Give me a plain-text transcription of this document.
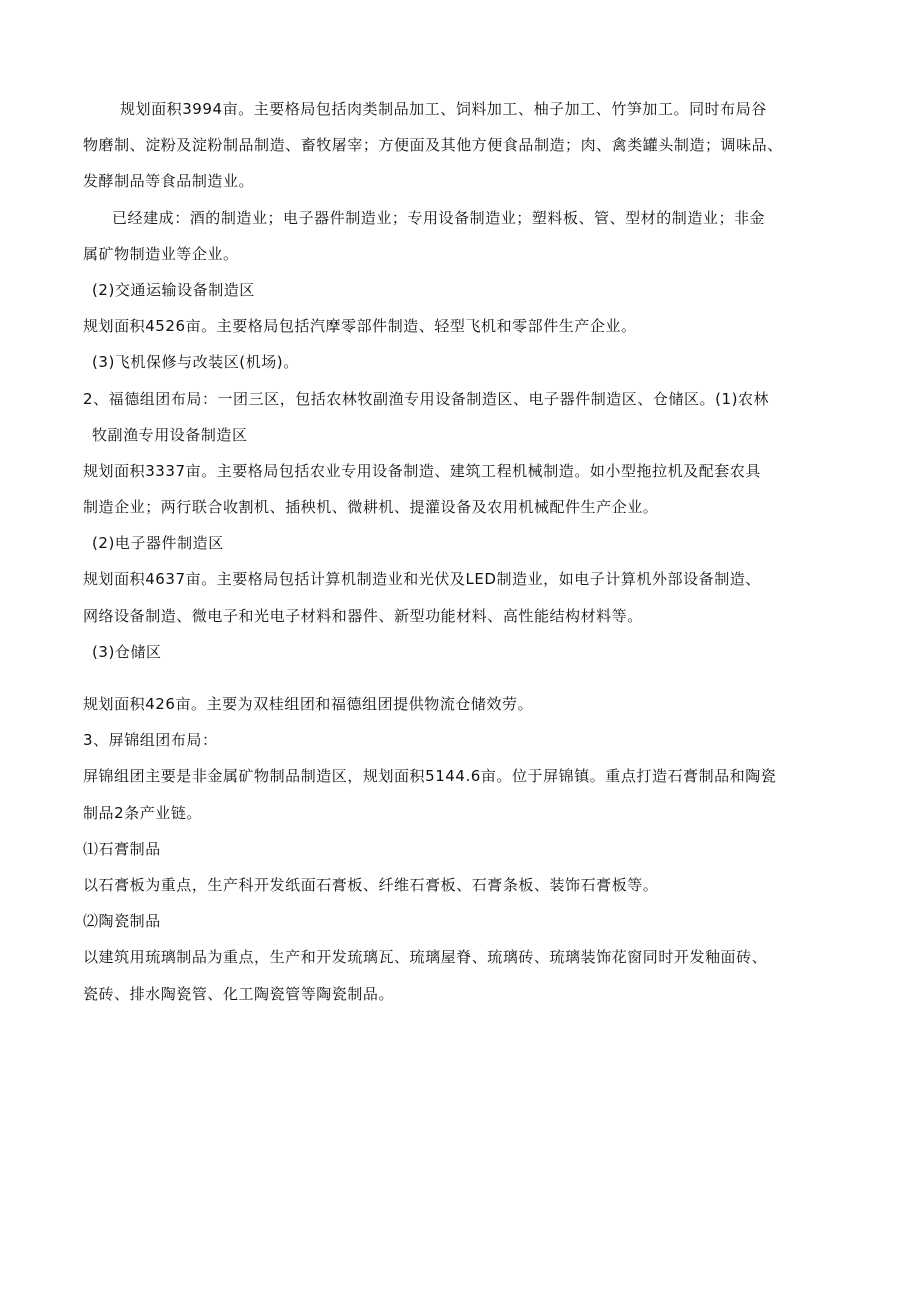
规划面积3994亩。主要格局包括肉类制品加工、饲料加工、柚子加工、竹笋加工。同时布局谷
物磨制、淀粉及淀粉制品制造、畜牧屠宰；方便面及其他方便食品制造；肉、禽类罐头制造；调味品、
发酵制品等食品制造业。
已经建成：酒的制造业；电子器件制造业；专用设备制造业；塑料板、管、型材的制造业；非金
属矿物制造业等企业。
(2)交通运输设备制造区
规划面积4526亩。主要格局包括汽摩零部件制造、轻型飞机和零部件生产企业。
(3)飞机保修与改装区(机场)。
2、福德组团布局：一团三区，包括农林牧副渔专用设备制造区、电子器件制造区、仓储区。(1)农林
牧副渔专用设备制造区
规划面积3337亩。主要格局包括农业专用设备制造、建筑工程机械制造。如小型拖拉机及配套农具
制造企业；两行联合收割机、插秧机、微耕机、提灌设备及农用机械配件生产企业。
(2)电子器件制造区
规划面积4637亩。主要格局包括计算机制造业和光伏及LED制造业，如电子计算机外部设备制造、
网络设备制造、微电子和光电子材料和器件、新型功能材料、高性能结构材料等。
(3)仓储区
规划面积426亩。主要为双桂组团和福德组团提供物流仓储效劳。
3、屏锦组团布局：
屏锦组团主要是非金属矿物制品制造区，规划面积5144.6亩。位于屏锦镇。重点打造石膏制品和陶瓷
制品2条产业链。
⑴石膏制品
以石膏板为重点，生产科开发纸面石膏板、纤维石膏板、石膏条板、装饰石膏板等。
⑵陶瓷制品
以建筑用琉璃制品为重点，生产和开发琉璃瓦、琉璃屋脊、琉璃砖、琉璃装饰花窗同时开发釉面砖、
瓷砖、排水陶瓷管、化工陶瓷管等陶瓷制品。
